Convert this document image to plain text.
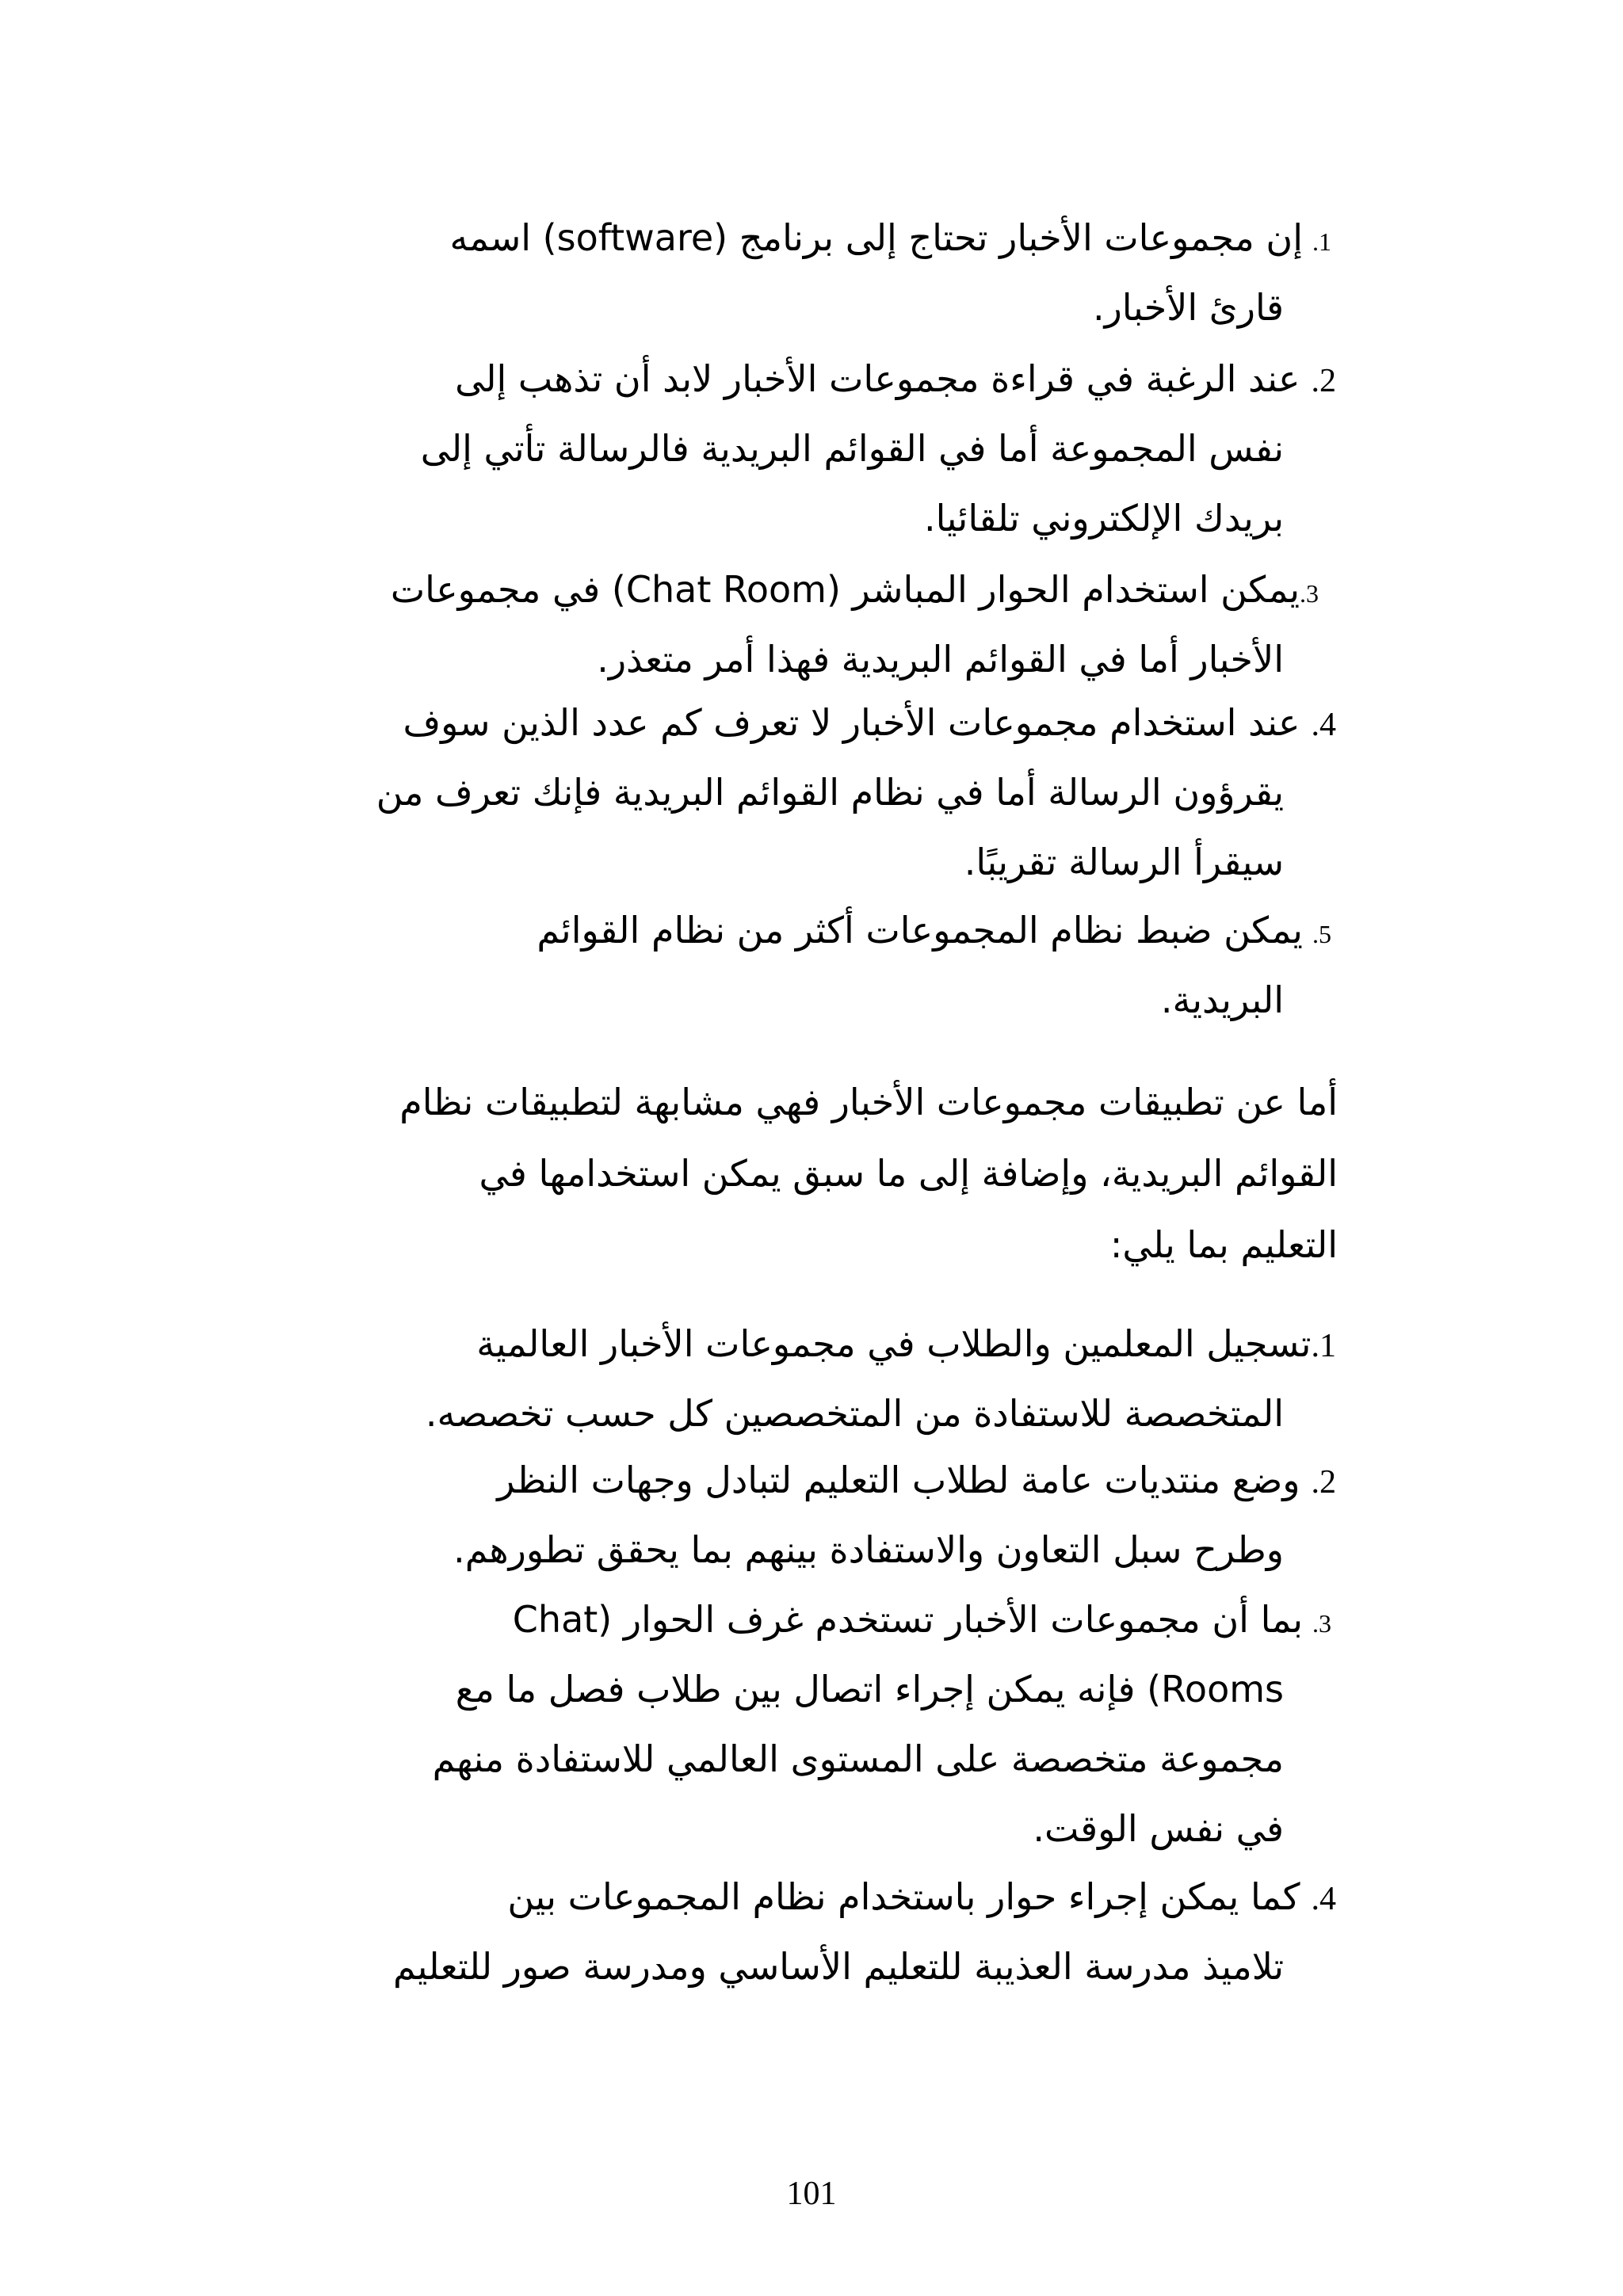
1.إن مجموعات الأخبار تحتاج إلى برنامج (software) اسمه
قارئ الأخبار.
2.عند الرغبة في قراءة مجموعات الأخبار لابد أن تذهب إلى
نفس المجموعة أما في القوائم البريدية فالرسالة تأتي إلى
بريدك الإلكتروني تلقائيا.
3.يمكن استخدام الحوار المباشر (Chat Room) في مجموعات
الأخبار أما في القوائم البريدية فهذا أمر متعذر.
4.عند استخدام مجموعات الأخبار لا تعرف كم عدد الذين سوف
يقرؤون الرسالة أما في نظام القوائم البريدية فإنك تعرف من
سيقرأ الرسالة تقريبًا.
5.يمكن ضبط نظام المجموعات أكثر من نظام القوائم
البريدية.
أما عن تطبيقات مجموعات الأخبار فهي مشابهة لتطبيقات نظام
القوائم البريدية، وإضافة إلى ما سبق يمكن استخدامها في
التعليم بما يلي:
1.تسجيل المعلمين والطلاب في مجموعات الأخبار العالمية
المتخصصة للاستفادة من المتخصصين كل حسب تخصصه.
2.وضع منتديات عامة لطلاب التعليم لتبادل وجهات النظر
وطرح سبل التعاون والاستفادة بينهم بما يحقق تطورهم.
3.بما أن مجموعات الأخبار تستخدم غرف الحوار (Chat
Rooms) فإنه يمكن إجراء اتصال بين طلاب فصل ما مع
مجموعة متخصصة على المستوى العالمي للاستفادة منهم
في نفس الوقت.
4.كما يمكن إجراء حوار باستخدام نظام المجموعات بين
تلاميذ مدرسة العذيبة للتعليم الأساسي ومدرسة صور للتعليم
101
